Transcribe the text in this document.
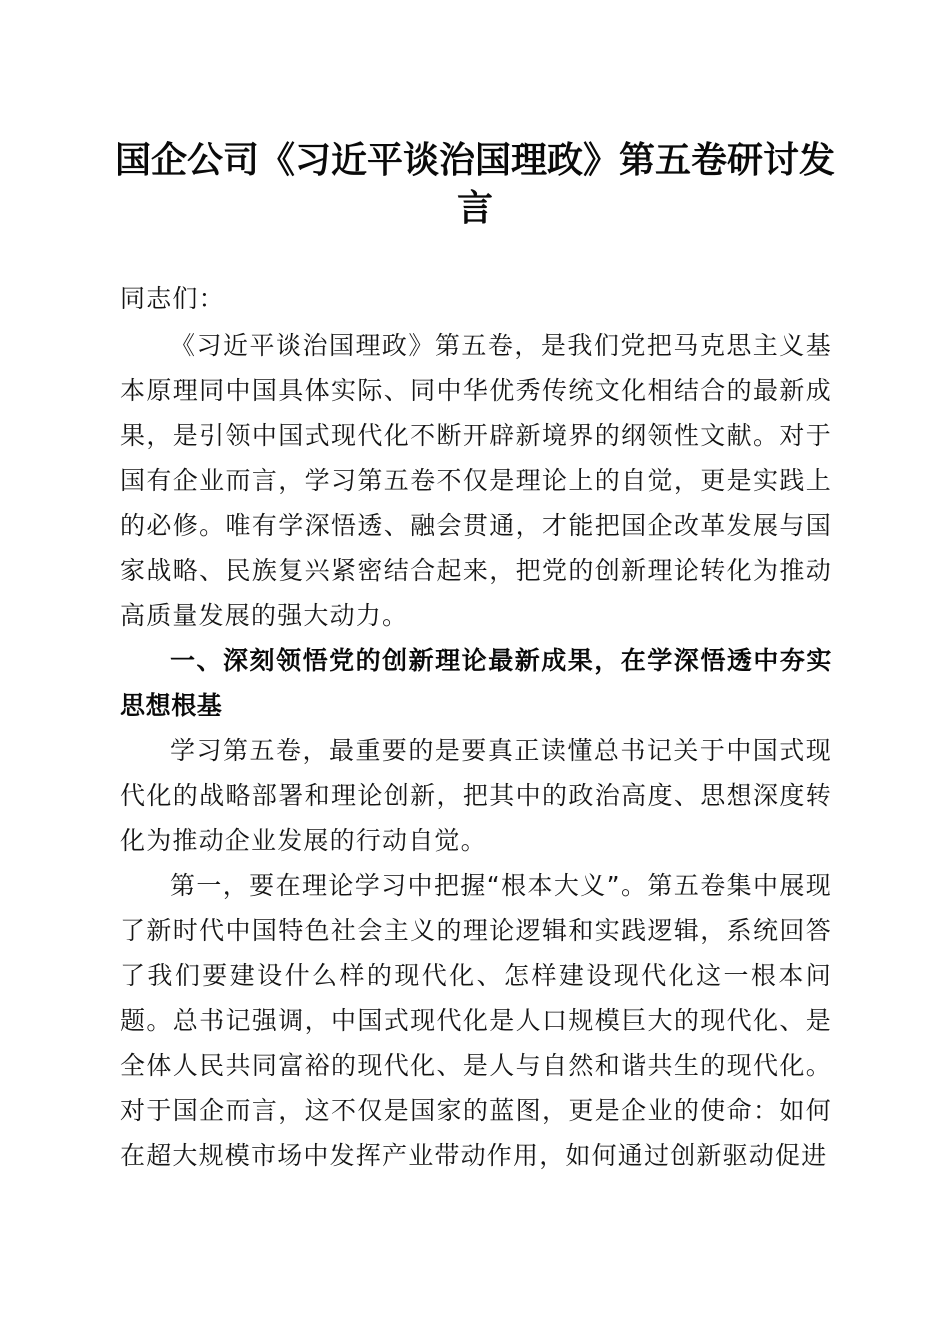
国企公司《习近平谈治国理政》第五卷研讨发言

同志们：

《习近平谈治国理政》第五卷，是我们党把马克思主义基本原理同中国具体实际、同中华优秀传统文化相结合的最新成果，是引领中国式现代化不断开辟新境界的纲领性文献。对于国有企业而言，学习第五卷不仅是理论上的自觉，更是实践上的必修。唯有学深悟透、融会贯通，才能把国企改革发展与国家战略、民族复兴紧密结合起来，把党的创新理论转化为推动高质量发展的强大动力。

一、深刻领悟党的创新理论最新成果，在学深悟透中夯实思想根基

学习第五卷，最重要的是要真正读懂总书记关于中国式现代化的战略部署和理论创新，把其中的政治高度、思想深度转化为推动企业发展的行动自觉。

第一，要在理论学习中把握“根本大义”。第五卷集中展现了新时代中国特色社会主义的理论逻辑和实践逻辑，系统回答了我们要建设什么样的现代化、怎样建设现代化这一根本问题。总书记强调，中国式现代化是人口规模巨大的现代化、是全体人民共同富裕的现代化、是人与自然和谐共生的现代化。对于国企而言，这不仅是国家的蓝图，更是企业的使命：如何在超大规模市场中发挥产业带动作用，如何通过创新驱动促进
